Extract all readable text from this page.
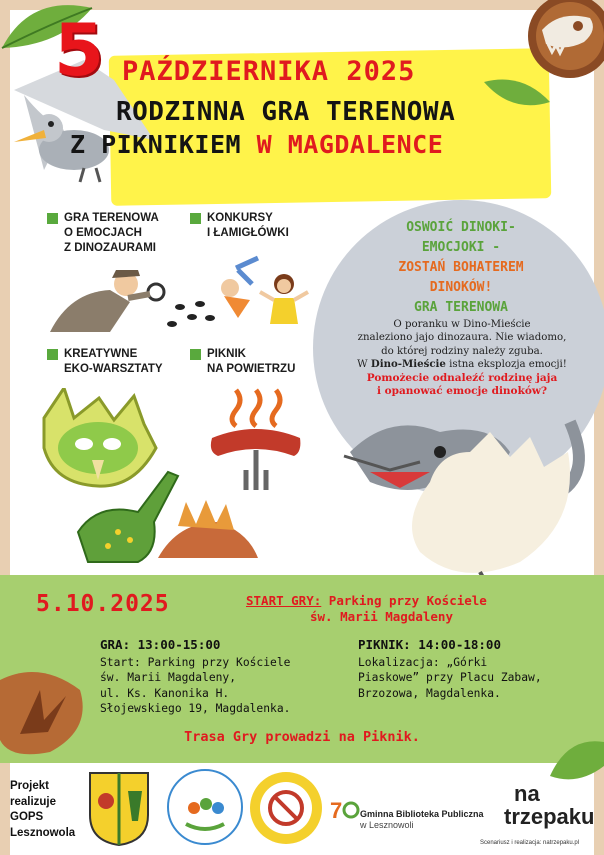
5 PAŹDZIERNIKA 2025
RODZINNA GRA TERENOWA
Z PIKNIKIEM W MAGDALENCE
GRA TERENOWA
O EMOCJACH
Z DINOZAURAMI
KONKURSY
I ŁAMIGŁÓWKI
KREATYWNE
EKO-WARSZTATY
PIKNIK
NA POWIETRZU
OSWOIĆ DINOKI-
EMOCJOKI -
ZOSTAŃ BOHATEREM
DINOKÓW!
GRA TERENOWA
O poranku w Dino-Mieście
znaleziono jajo dinozaura. Nie wiadomo,
do której rodziny należy zguba.
W Dino-Mieście istna eksplozja emocji!
Pomożecie odnaleźć rodzinę jaja
i opanować emocje dinoków?
5.10.2025	START GRY: Parking przy Kościele
św. Marii Magdaleny
GRA: 13:00-15:00
Start: Parking przy Kościele
św. Marii Magdaleny,
ul. Ks. Kanonika H.
Słojewskiego 19, Magdalenka.
PIKNIK: 14:00-18:00
Lokalizacja: „Górki
Piaskowe” przy Placu Zabaw,
Brzozowa, Magdalenka.
Trasa Gry prowadzi na Piknik.
Projekt
realizuje
GOPS
Lesznowola
7 Gminna Biblioteka Publiczna
w Lesznowoli
na
trzepaku
Scenariusz i realizacja: natrzepaku.pl
